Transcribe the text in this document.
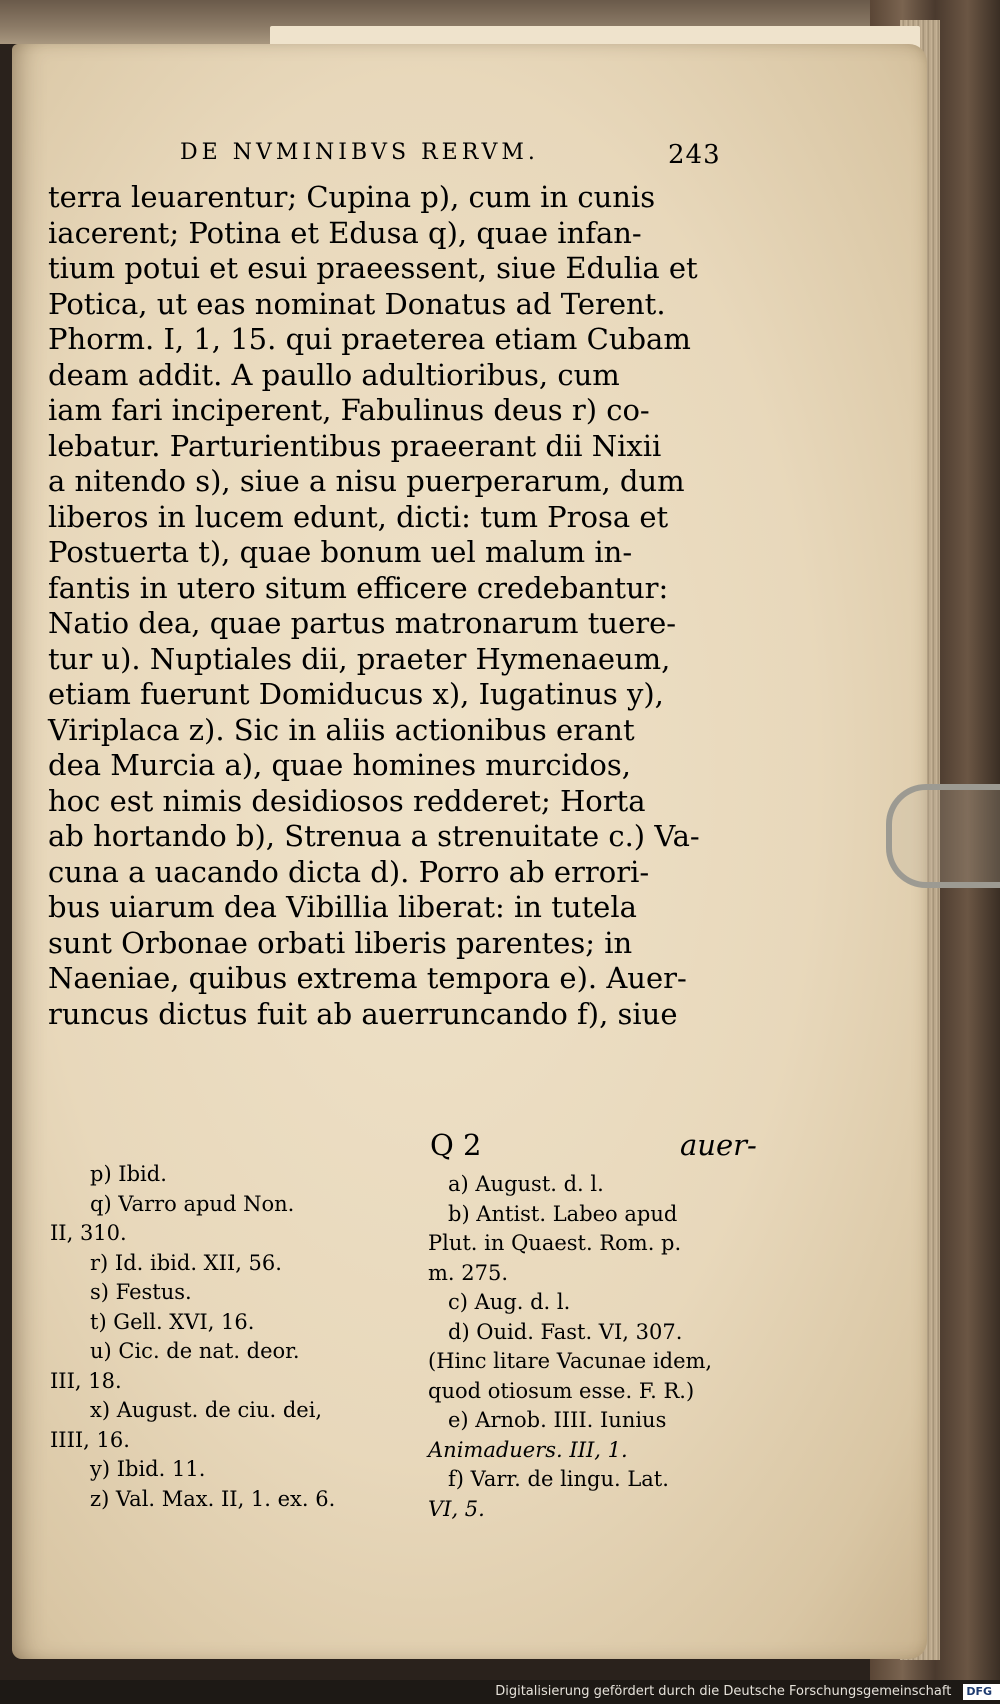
DE NVMINIBVS RERVM.	243

terra leuarentur; Cupina p), cum in cunis

iacerent; Potina et Edusa q), quae infan-

tium potui et esui praeessent, siue Edulia et

Potica, ut eas nominat Donatus ad Terent.

Phorm. I, 1, 15. qui praeterea etiam Cubam

deam addit. A paullo adultioribus, cum

iam fari inciperent, Fabulinus deus r) co-

lebatur. Parturientibus praeerant dii Nixii

a nitendo s), siue a nisu puerperarum, dum

liberos in lucem edunt, dicti: tum Prosa et

Postuerta t), quae bonum uel malum in-

fantis in utero situm efficere credebantur:

Natio dea, quae partus matronarum tuere-

tur u). Nuptiales dii, praeter Hymenaeum,

etiam fuerunt Domiducus x), Iugatinus y),

Viriplaca z). Sic in aliis actionibus erant

dea Murcia a), quae homines murcidos,

hoc est nimis desidiosos redderet; Horta

ab hortando b), Strenua a strenuitate c.) Va-

cuna a uacando dicta d). Porro ab errori-

bus uiarum dea Vibillia liberat: in tutela

sunt Orbonae orbati liberis parentes; in

Naeniae, quibus extrema tempora e). Auer-

runcus dictus fuit ab auerruncando f), siue

Q 2	auer-
p) Ibid.
q) Varro apud Non.
II, 310.
r) Id. ibid. XII, 56.
s) Festus.
t) Gell. XVI, 16.
u) Cic. de nat. deor.
III, 18.
x) August. de ciu. dei,
IIII, 16.
y) Ibid. 11.
z) Val. Max. II, 1. ex. 6.
a) August. d. l.
b) Antist. Labeo apud
Plut. in Quaest. Rom. p.
m. 275.
c) Aug. d. l.
d) Ouid. Fast. VI, 307.
(Hinc litare Vacunae idem,
quod otiosum esse. F. R.)
e) Arnob. IIII. Iunius
Animaduers. III, 1.
f) Varr. de lingu. Lat.
VI, 5.
Digitalisierung gefördert durch die Deutsche Forschungsgemeinschaft DFG
